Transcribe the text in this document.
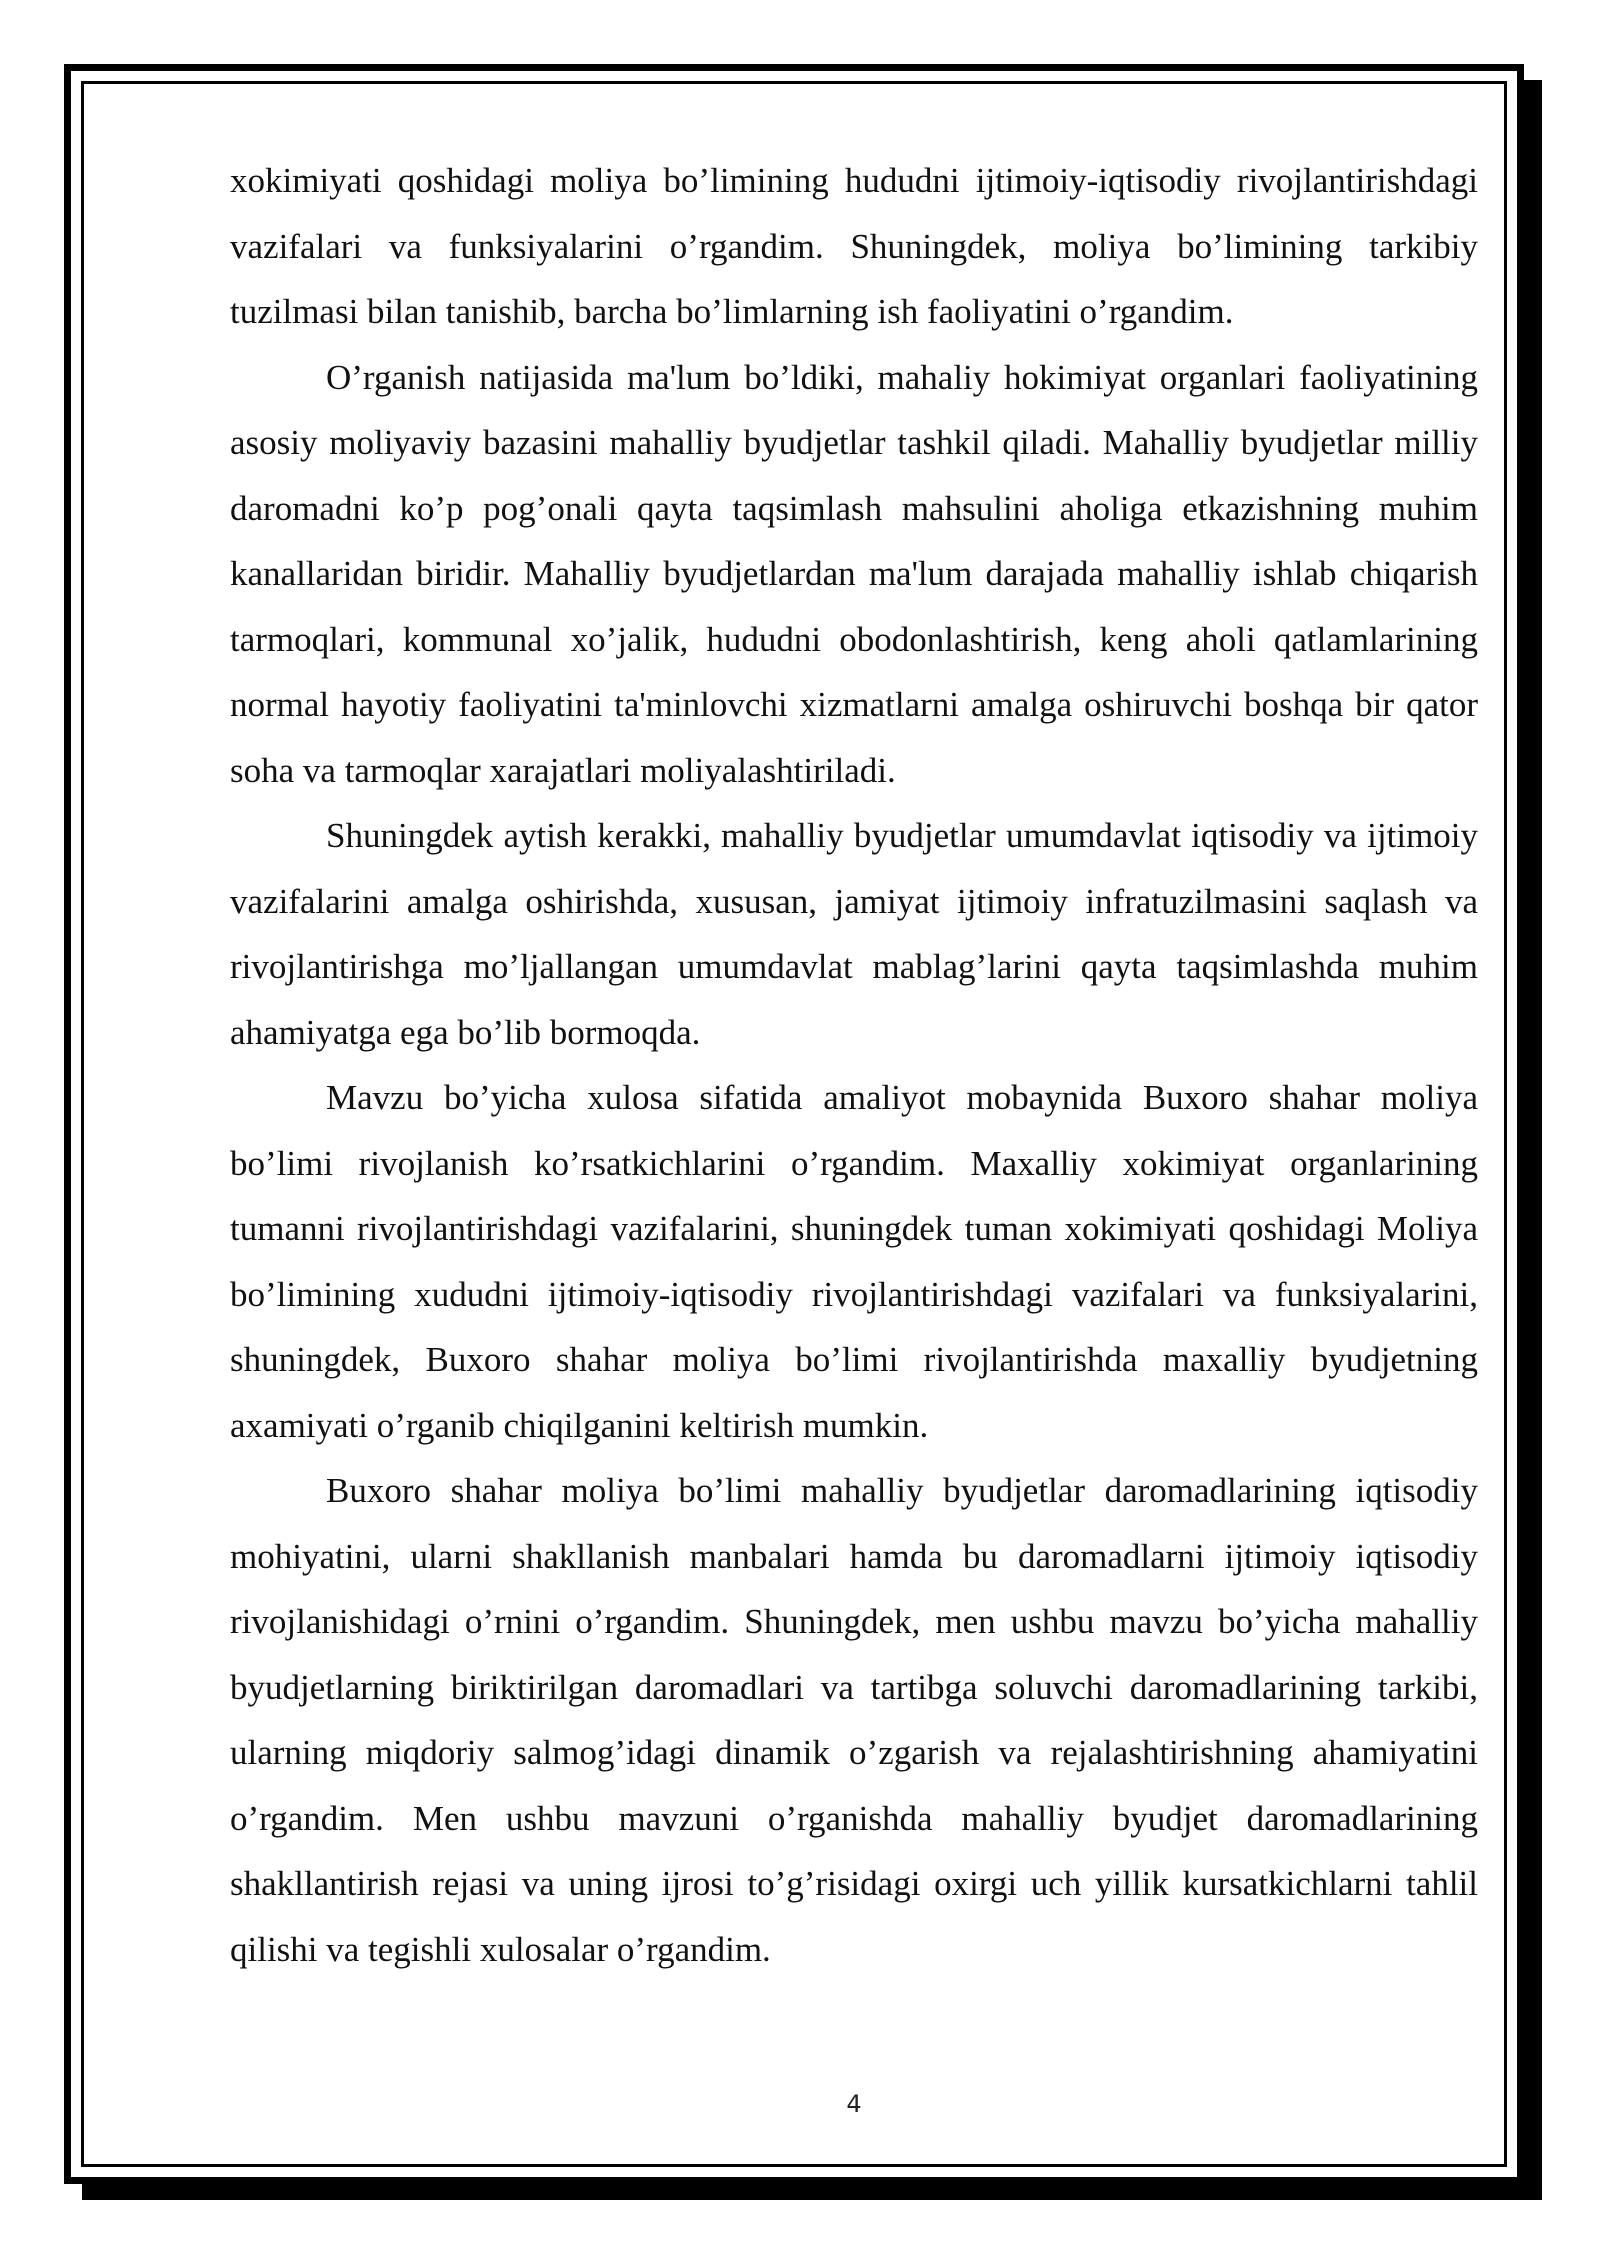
xokimiyati qoshidagi moliya bo’limining hududni ijtimoiy-iqtisodiy rivojlantirishdagi vazifalari va funksiyalarini o’rgandim. Shuningdek, moliya bo’limining tarkibiy tuzilmasi bilan tanishib, barcha bo’limlarning ish faoliyatini o’rgandim.

O’rganish natijasida ma'lum bo’ldiki, mahaliy hokimiyat organlari faoliyatining asosiy moliyaviy bazasini mahalliy byudjetlar tashkil qiladi. Mahalliy byudjetlar milliy daromadni ko’p pog’onali qayta taqsimlash mahsulini aholiga etkazishning muhim kanallaridan biridir. Mahalliy byudjetlardan ma'lum darajada mahalliy ishlab chiqarish tarmoqlari, kommunal xo’jalik, hududni obodonlashtirish, keng aholi qatlamlarining normal hayotiy faoliyatini ta'minlovchi xizmatlarni amalga oshiruvchi boshqa bir qator soha va tarmoqlar xarajatlari moliyalashtiriladi.

Shuningdek aytish kerakki, mahalliy byudjetlar umumdavlat iqtisodiy va ijtimoiy vazifalarini amalga oshirishda, xususan, jamiyat ijtimoiy infratuzilmasini saqlash va rivojlantirishga mo’ljallangan umumdavlat mablag’larini qayta taqsimlashda muhim ahamiyatga ega bo’lib bormoqda.

Mavzu bo’yicha xulosa sifatida amaliyot mobaynida Buxoro shahar moliya bo’limi rivojlanish ko’rsatkichlarini o’rgandim. Maxalliy xokimiyat organlarining tumanni rivojlantirishdagi vazifalarini, shuningdek tuman xokimiyati qoshidagi Moliya bo’limining xududni ijtimoiy-iqtisodiy rivojlantirishdagi vazifalari va funksiyalarini, shuningdek, Buxoro shahar moliya bo’limi rivojlantirishda maxalliy byudjetning axamiyati o’rganib chiqilganini keltirish mumkin.

Buxoro shahar moliya bo’limi mahalliy byudjetlar daromadlarining iqtisodiy mohiyatini, ularni shakllanish manbalari hamda bu daromadlarni ijtimoiy iqtisodiy rivojlanishidagi o’rnini o’rgandim. Shuningdek, men ushbu mavzu bo’yicha mahalliy byudjetlarning biriktirilgan daromadlari va tartibga soluvchi daromadlarining tarkibi, ularning miqdoriy salmog’idagi dinamik o’zgarish va rejalashtirishning ahamiyatini o’rgandim. Men ushbu mavzuni o’rganishda mahalliy byudjet daromadlarining shakllantirish rejasi va uning ijrosi to’g’risidagi oxirgi uch yillik kursatkichlarni tahlil qilishi va tegishli xulosalar o’rgandim.

4
